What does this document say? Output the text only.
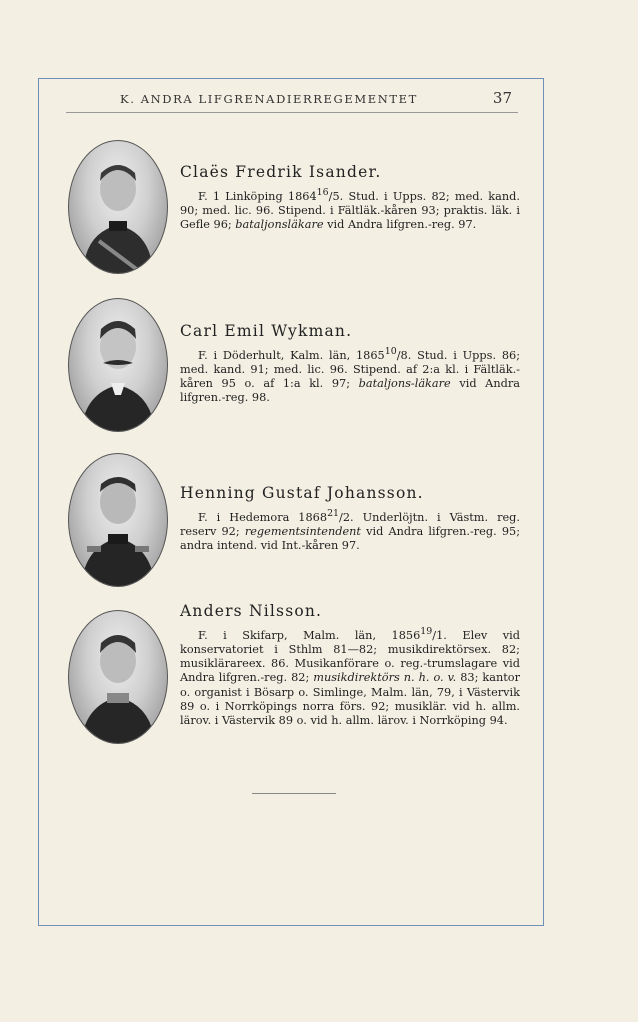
K. ANDRA LIFGRENADIERREGEMENTET	37
Claës Fredrik Isander.
F. 1 Linköping 1864$^{16}$/5. Stud. i Upps. 82; med. kand. 90; med. lic. 96. Stipend. i Fältläk.-kåren 93; praktis. läk. i Gefle 96; bataljonsläkare vid Andra lifgren.-reg. 97.
Carl Emil Wykman.
F. i Döderhult, Kalm. län, 1865$^{10}$/8. Stud. i Upps. 86; med. kand. 91; med. lic. 96. Stipend. af 2:a kl. i Fältläk.-kåren 95 o. af 1:a kl. 97; bataljons-läkare vid Andra lifgren.-reg. 98.
Henning Gustaf Johansson.
F. i Hedemora 1868$^{21}$/2. Underlöjtn. i Västm. reg. reserv 92; regementsintendent vid Andra lifgren.-reg. 95; andra intend. vid Int.-kåren 97.
Anders Nilsson.
F. i Skifarp, Malm. län, 1856$^{19}$/1. Elev vid konservatoriet i Sthlm 81—82; musikdirektörsex. 82; musiklärareex. 86. Musikanförare o. reg.-trumslagare vid Andra lifgren.-reg. 82; musikdirektörs n. h. o. v. 83; kantor o. organist i Bösarp o. Simlinge, Malm. län, 79, i Västervik 89 o. i Norrköpings norra förs. 92; musiklär. vid h. allm. lärov. i Västervik 89 o. vid h. allm. lärov. i Norrköping 94.
